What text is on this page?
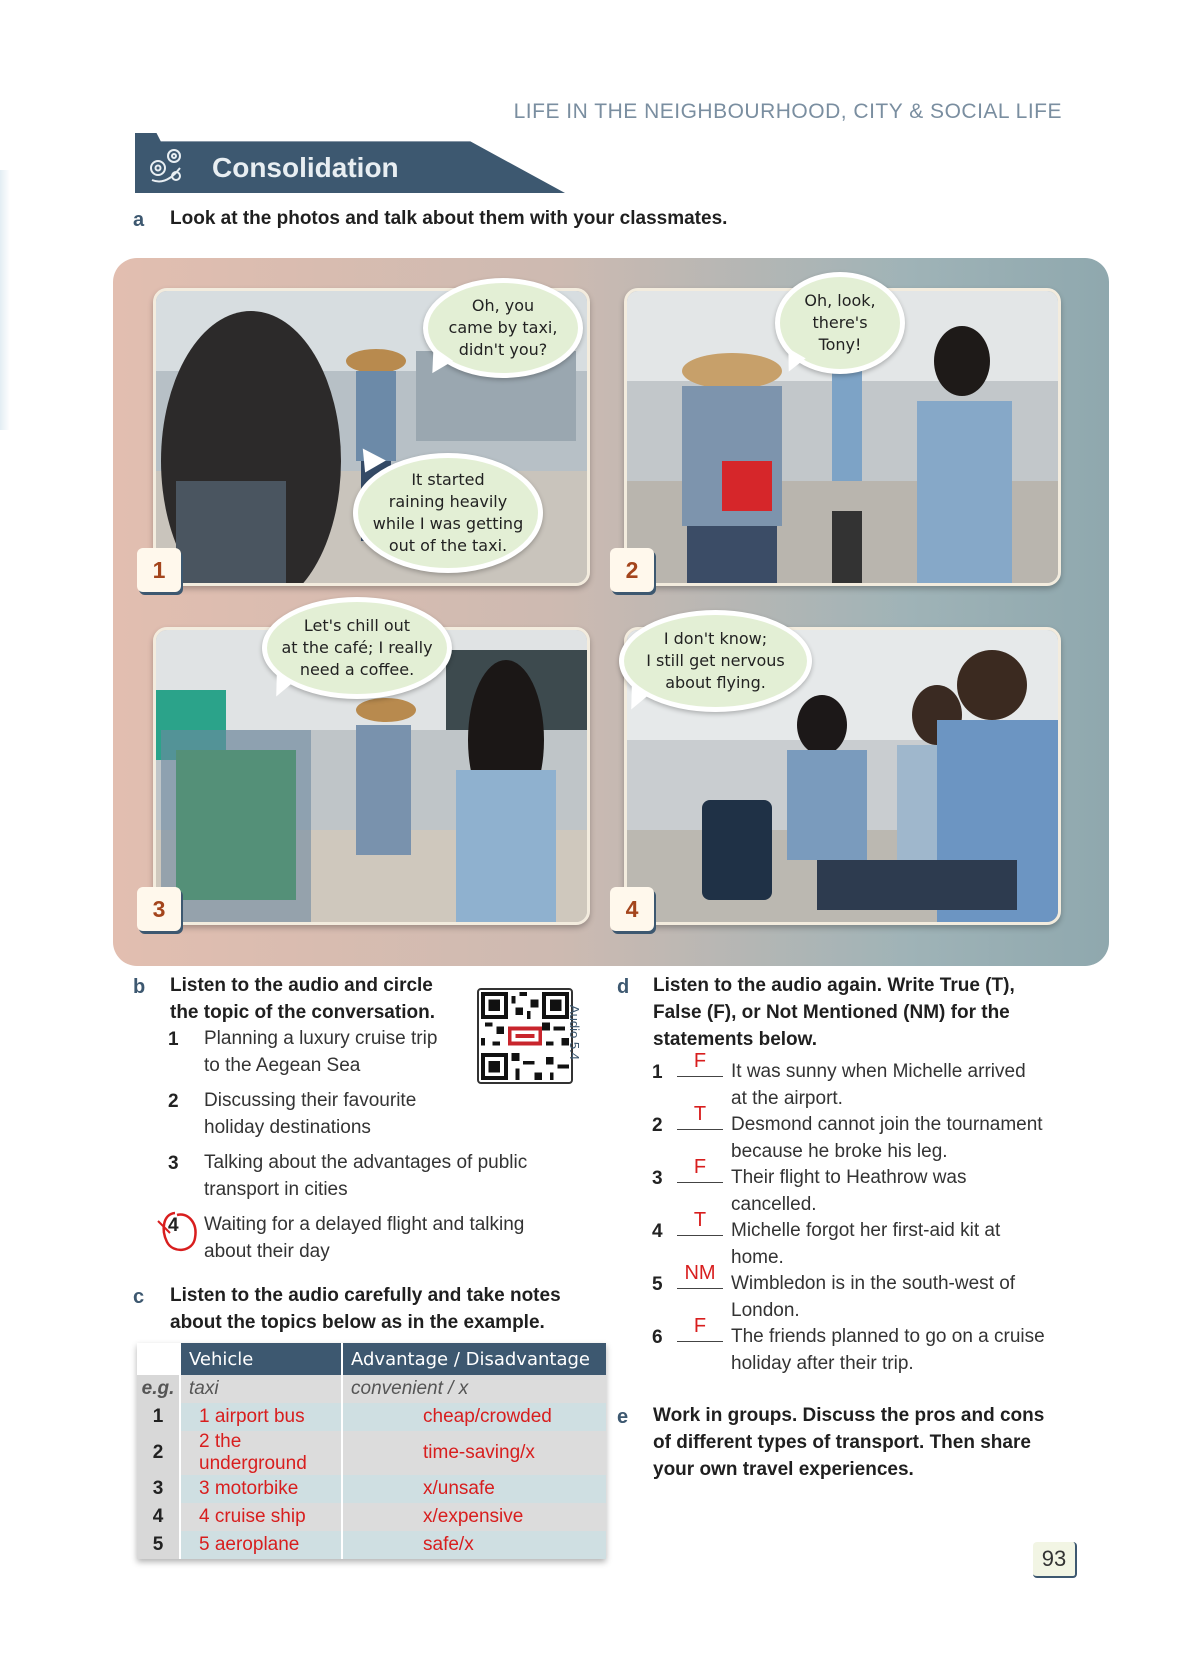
LIFE IN THE NEIGHBOURHOOD, CITY & SOCIAL LIFE
Consolidation
a Look at the photos and talk about them with your classmates.
1	2
3	4
Oh, you
came by taxi,
didn't you?
It started
raining heavily
while I was getting
out of the taxi.
Oh, look,
there's
Tony!
Let's chill out
at the café; I really
need a coffee.
I don't know;
I still get nervous
about flying.
b Listen to the audio and circle
the topic of the conversation.	Audio 5.4
1 Planning a luxury cruise trip
to the Aegean Sea
2 Discussing their favourite
holiday destinations
3 Talking about the advantages of public
transport in cities
4 Waiting for a delayed flight and talking
about their day
c Listen to the audio carefully and take notes
about the topics below as in the example.
	Vehicle	Advantage / Disadvantage
e.g.	taxi	convenient / x
1	1 airport bus	cheap/crowded
2	2 the underground	time-saving/x
3	3 motorbike	x/unsafe
4	4 cruise ship	x/expensive
5	5 aeroplane	safe/x
d Listen to the audio again. Write True (T),
False (F), or Not Mentioned (NM) for the
statements below.
1
F	It was sunny when Michelle arrived
at the airport.
2
T	Desmond cannot join the tournament
because he broke his leg.
3
F	Their flight to Heathrow was
cancelled.
4
T	Michelle forgot her first-aid kit at
home.
5
NM Wimbledon is in the south-west of
London.
6
F	The friends planned to go on a cruise
holiday after their trip.
e Work in groups. Discuss the pros and cons
of different types of transport. Then share
your own travel experiences.
93
